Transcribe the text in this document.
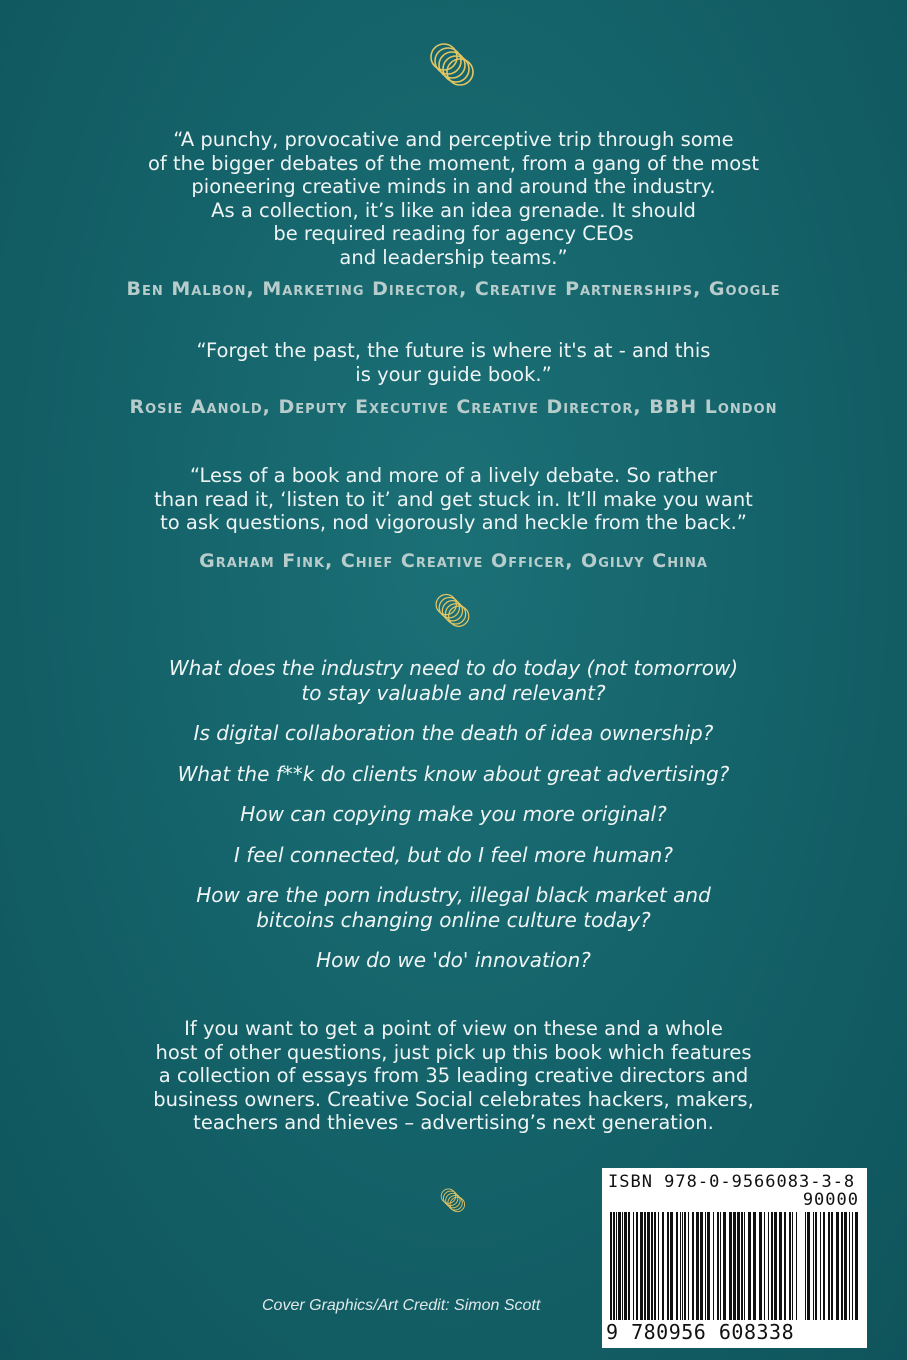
“A punchy, provocative and perceptive trip through some

of the bigger debates of the moment, from a gang of the most

pioneering creative minds in and around the industry.

As a collection, it’s like an idea grenade. It should

be required reading for agency CEOs

and leadership teams.”

Ben Malbon, Marketing Director, Creative Partnerships, Google

“Forget the past, the future is where it's at - and this

is your guide book.”

Rosie Aanold, Deputy Executive Creative Director, BBH London

“Less of a book and more of a lively debate. So rather

than read it, ‘listen to it’ and get stuck in. It’ll make you want

to ask questions, nod vigorously and heckle from the back.”

Graham Fink, Chief Creative Officer, Ogilvy China

What does the industry need to do today (not tomorrow)
to stay valuable and relevant?

Is digital collaboration the death of idea ownership?

What the f**k do clients know about great advertising?

How can copying make you more original?

I feel connected, but do I feel more human?

How are the porn industry, illegal black market and
bitcoins changing online culture today?

How do we 'do' innovation?

If you want to get a point of view on these and a whole
host of other questions, just pick up this book which features
a collection of essays from 35 leading creative directors and
business owners. Creative Social celebrates hackers, makers,
teachers and thieves – advertising’s next generation.
Cover Graphics/Art Credit: Simon Scott
ISBN 978-0-9566083-3-8
90000
9 780956 608338
